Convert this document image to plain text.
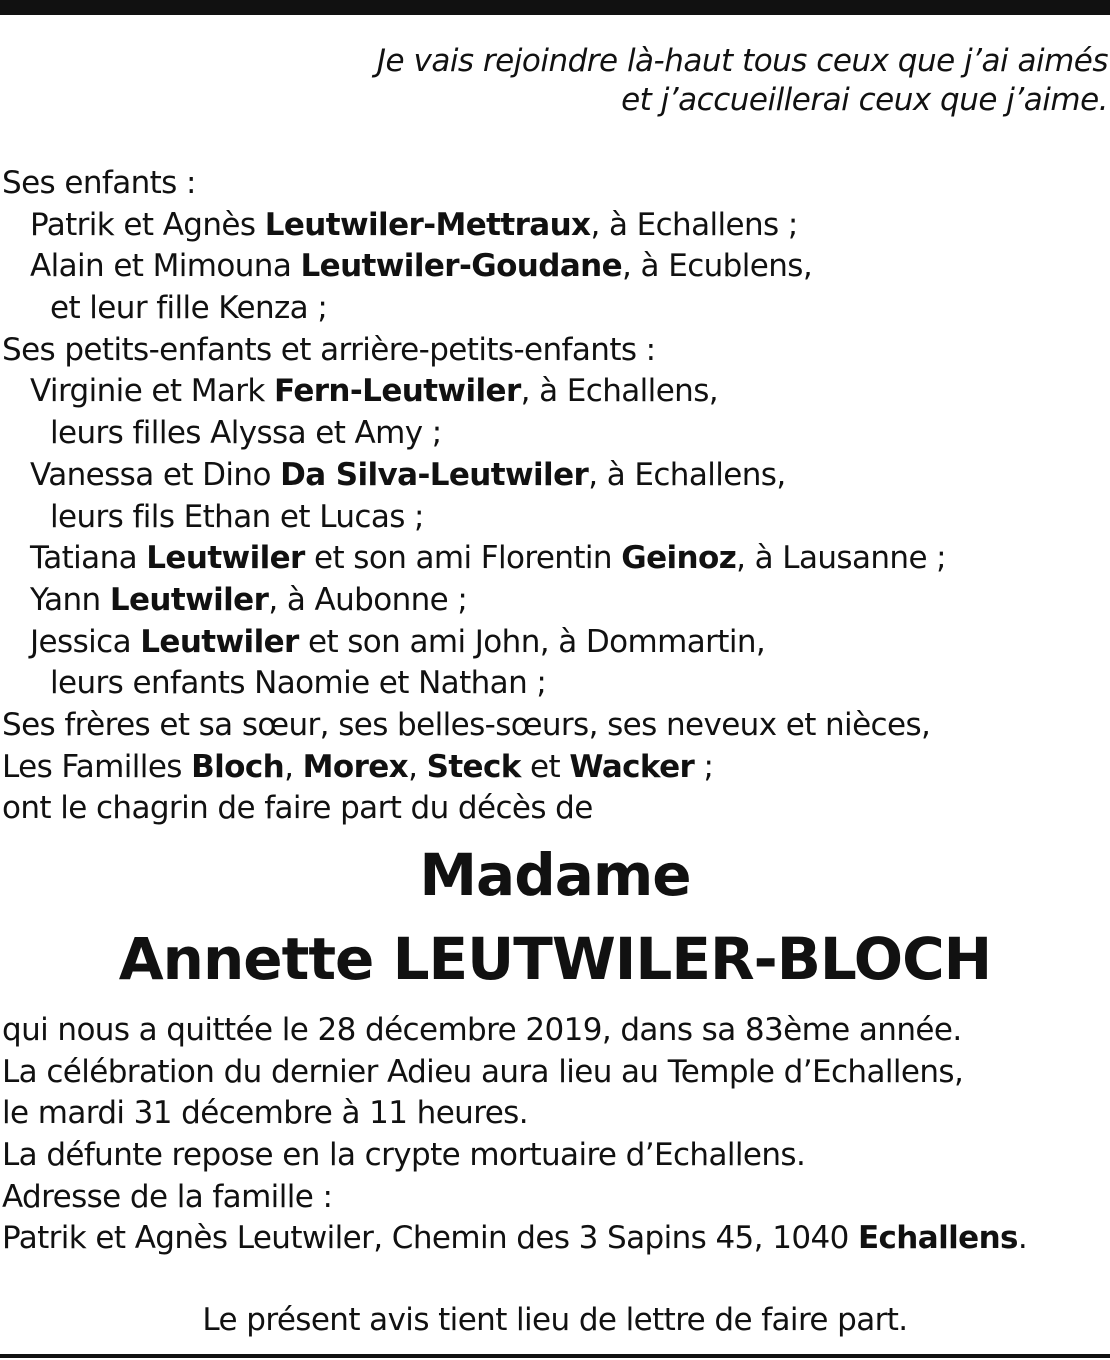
Je vais rejoindre là-haut tous ceux que j’ai aimés
et j’accueillerai ceux que j’aime.
Ses enfants :
Patrik et Agnès Leutwiler-Mettraux, à Echallens ;
Alain et Mimouna Leutwiler-Goudane, à Ecublens,
et leur fille Kenza ;
Ses petits-enfants et arrière-petits-enfants :
Virginie et Mark Fern-Leutwiler, à Echallens,
leurs filles Alyssa et Amy ;
Vanessa et Dino Da Silva-Leutwiler, à Echallens,
leurs fils Ethan et Lucas ;
Tatiana Leutwiler et son ami Florentin Geinoz, à Lausanne ;
Yann Leutwiler, à Aubonne ;
Jessica Leutwiler et son ami John, à Dommartin,
leurs enfants Naomie et Nathan ;
Ses frères et sa sœur, ses belles-sœurs, ses neveux et nièces,
Les Familles Bloch, Morex, Steck et Wacker ;
ont le chagrin de faire part du décès de
Madame
Annette LEUTWILER-BLOCH
qui nous a quittée le 28 décembre 2019, dans sa 83ème année.
La célébration du dernier Adieu aura lieu au Temple d’Echallens,
le mardi 31 décembre à 11 heures.
La défunte repose en la crypte mortuaire d’Echallens.
Adresse de la famille :
Patrik et Agnès Leutwiler, Chemin des 3 Sapins 45, 1040 Echallens.
Le présent avis tient lieu de lettre de faire part.
